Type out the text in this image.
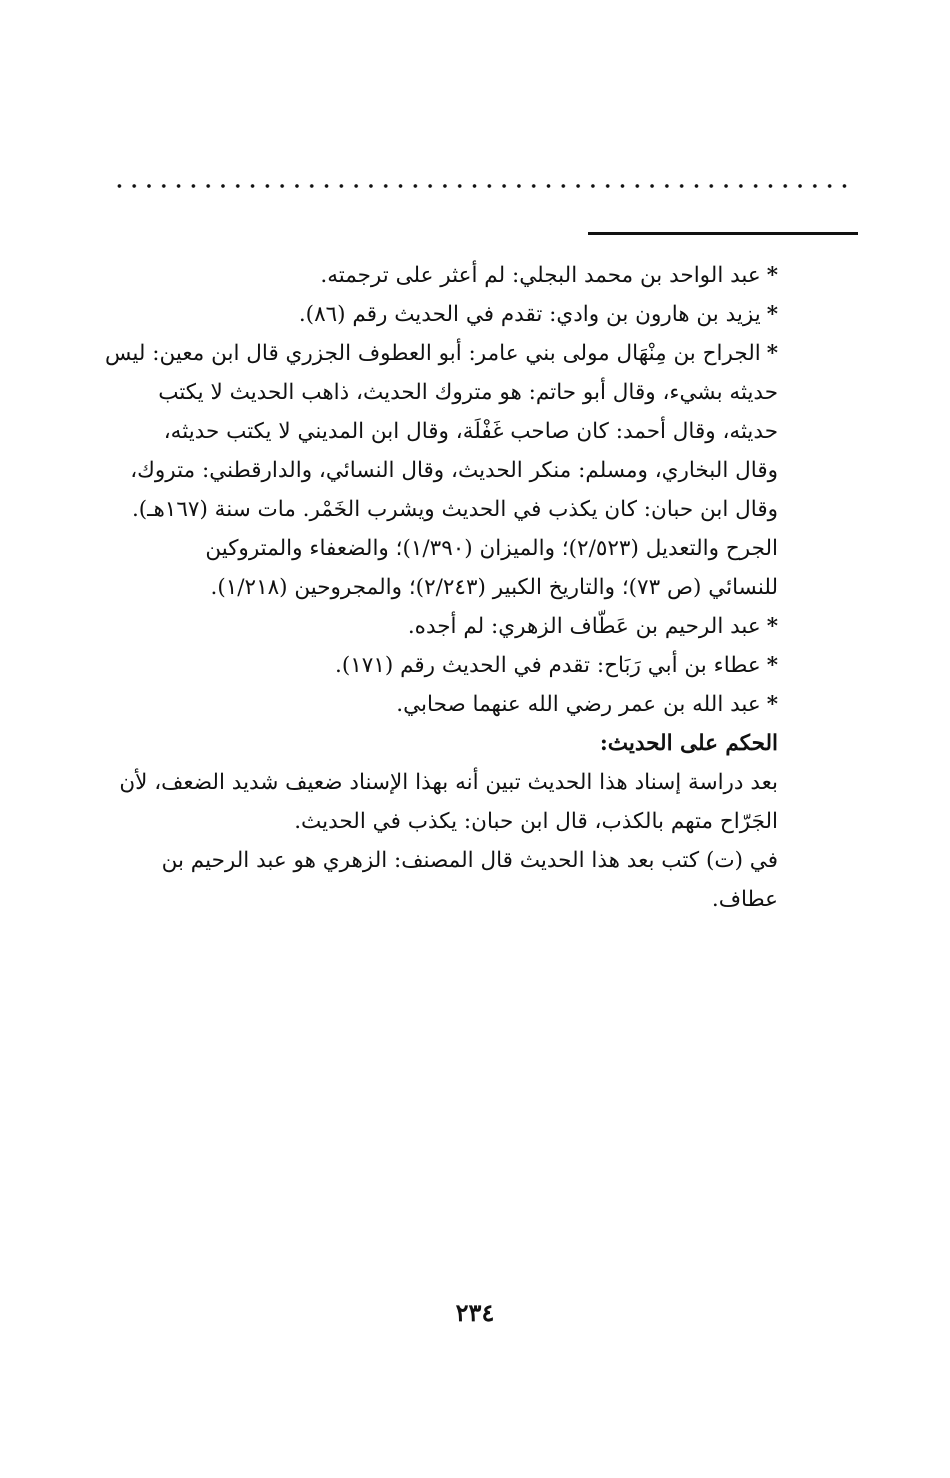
*عبد الواحد بن محمد البجلي: لم أعثر على ترجمته.

*يزيد بن هارون بن وادي: تقدم في الحديث رقم (٨٦).

*الجراح بن مِنْهَال مولى بني عامر: أبو العطوف الجزري قال ابن معين: ليس
حديثه بشيء، وقال أبو حاتم: هو متروك الحديث، ذاهب الحديث لا يكتب
حديثه، وقال أحمد: كان صاحب غَفْلَة، وقال ابن المديني لا يكتب حديثه،
وقال البخاري، ومسلم: منكر الحديث، وقال النسائي، والدارقطني: متروك،
وقال ابن حبان: كان يكذب في الحديث ويشرب الخَمْر. مات سنة (١٦٧هـ).
الجرح والتعديل (٢/٥٢٣)؛ والميزان (١/٣٩٠)؛ والضعفاء والمتروكين
للنسائي (ص ٧٣)؛ والتاريخ الكبير (٢/٢٤٣)؛ والمجروحين (١/٢١٨).

*عبد الرحيم بن عَطّاف الزهري: لم أجده.

*عطاء بن أبي رَبَاح: تقدم في الحديث رقم (١٧١).

*عبد الله بن عمر رضي الله عنهما صحابي.

الحكم على الحديث:

بعد دراسة إسناد هذا الحديث تبين أنه بهذا الإسناد ضعيف شديد الضعف، لأن
الجَرّاح متهم بالكذب، قال ابن حبان: يكذب في الحديث.
في (ت) كتب بعد هذا الحديث قال المصنف: الزهري هو عبد الرحيم بن
عطاف.
٢٣٤
